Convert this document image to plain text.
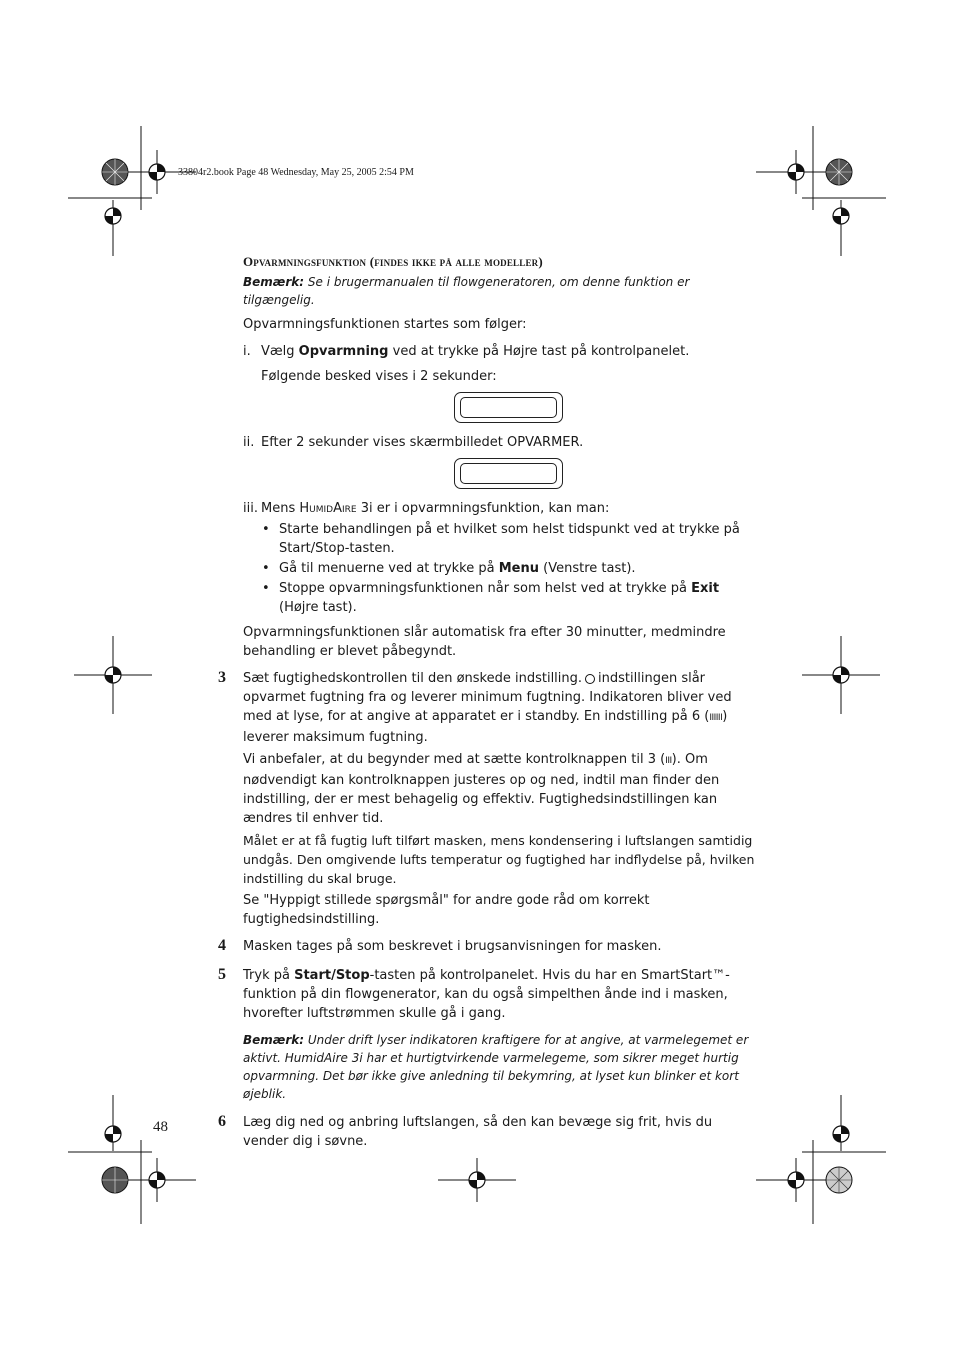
33804r2.book Page 48 Wednesday, May 25, 2005 2:54 PM

Opvarmningsfunktion (findes ikke på alle modeller)

Bemærk: Se i brugermanualen til flowgeneratoren, om denne funktion er tilgængelig.

Opvarmningsfunktionen startes som følger:

i. Vælg Opvarmning ved at trykke på Højre tast på kontrolpanelet.
Følgende besked vises i 2 sekunder:
ii. Efter 2 sekunder vises skærmbilledet OPVARMER.
iii. Mens HumidAire 3i er i opvarmningsfunktion, kan man:
• Starte behandlingen på et hvilket som helst tidspunkt ved at trykke på Start/Stop-tasten.
• Gå til menuerne ved at trykke på Menu (Venstre tast).
• Stoppe opvarmningsfunktionen når som helst ved at trykke på Exit (Højre tast).

Opvarmningsfunktionen slår automatisk fra efter 30 minutter, medmindre behandling er blevet påbegyndt.

3 Sæt fugtighedskontrollen til den ønskede indstilling. indstillingen slår opvarmet fugtning fra og leverer minimum fugtning. Indikatoren bliver ved med at lyse, for at angive at apparatet er i standby. En indstilling på 6 (IIIIII) leverer maksimum fugtning.

Vi anbefaler, at du begynder med at sætte kontrolknappen til 3 (III). Om nødvendigt kan kontrolknappen justeres op og ned, indtil man finder den indstilling, der er mest behagelig og effektiv. Fugtighedsindstillingen kan ændres til enhver tid.

Målet er at få fugtig luft tilført masken, mens kondensering i luftslangen samtidig undgås. Den omgivende lufts temperatur og fugtighed har indflydelse på, hvilken indstilling du skal bruge.

Se "Hyppigt stillede spørgsmål" for andre gode råd om korrekt fugtighedsindstilling.

4 Masken tages på som beskrevet i brugsanvisningen for masken.

5 Tryk på Start/Stop-tasten på kontrolpanelet. Hvis du har en SmartStart™-funktion på din flowgenerator, kan du også simpelthen ånde ind i masken, hvorefter luftstrømmen skulle gå i gang.

Bemærk: Under drift lyser indikatoren kraftigere for at angive, at varmelegemet er aktivt. HumidAire 3i har et hurtigtvirkende varmelegeme, som sikrer meget hurtig opvarmning. Det bør ikke give anledning til bekymring, at lyset kun blinker et kort øjeblik.

6 Læg dig ned og anbring luftslangen, så den kan bevæge sig frit, hvis du vender dig i søvne.

48
